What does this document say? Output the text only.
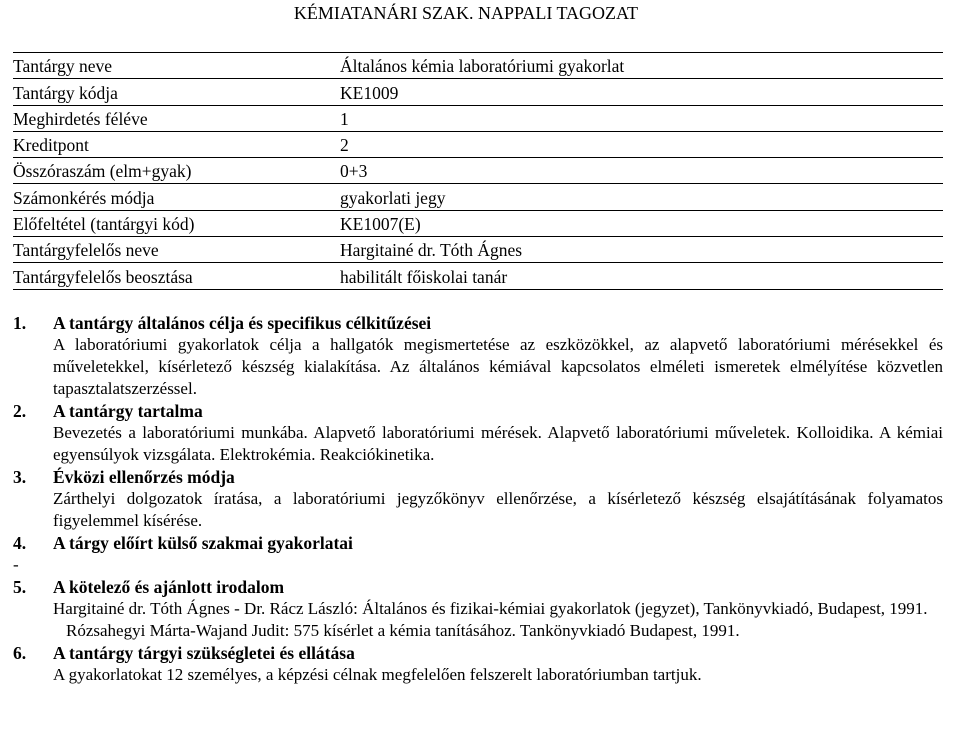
KÉMIATANÁRI SZAK. NAPPALI TAGOZAT
Tantárgy neve	Általános kémia laboratóriumi gyakorlat
Tantárgy kódja	KE1009
Meghirdetés féléve	1
Kreditpont	2
Összóraszám (elm+gyak)	0+3
Számonkérés módja	gyakorlati jegy
Előfeltétel (tantárgyi kód)	KE1007(E)
Tantárgyfelelős neve	Hargitainé dr. Tóth Ágnes
Tantárgyfelelős beosztása	habilitált főiskolai tanár
1. A tantárgy általános célja és specifikus célkitűzései

A laboratóriumi gyakorlatok célja a hallgatók megismertetése az eszközökkel, az alapvető laboratóriumi mérésekkel és műveletekkel, kísérletező készség kialakítása. Az általános kémiával kapcsolatos elméleti ismeretek elmélyítése közvetlen tapasztalatszerzéssel.

2. A tantárgy tartalma

Bevezetés a laboratóriumi munkába. Alapvető laboratóriumi mérések. Alapvető laboratóriumi műveletek. Kolloidika. A kémiai egyensúlyok vizsgálata. Elektrokémia. Reakciókinetika.

3. Évközi ellenőrzés módja

Zárthelyi dolgozatok íratása, a laboratóriumi jegyzőkönyv ellenőrzése, a kísérletező készség elsajátításának folyamatos figyelemmel kísérése.

4. A tárgy előírt külső szakmai gyakorlatai

-

5. A kötelező és ajánlott irodalom

Hargitainé dr. Tóth Ágnes - Dr. Rácz László: Általános és fizikai-kémiai gyakorlatok (jegyzet), Tankönyvkiadó, Budapest, 1991.

Rózsahegyi Márta-Wajand Judit: 575 kísérlet a kémia tanításához. Tankönyvkiadó Budapest, 1991.

6. A tantárgy tárgyi szükségletei és ellátása

A gyakorlatokat 12 személyes, a képzési célnak megfelelően felszerelt laboratóriumban tartjuk.
